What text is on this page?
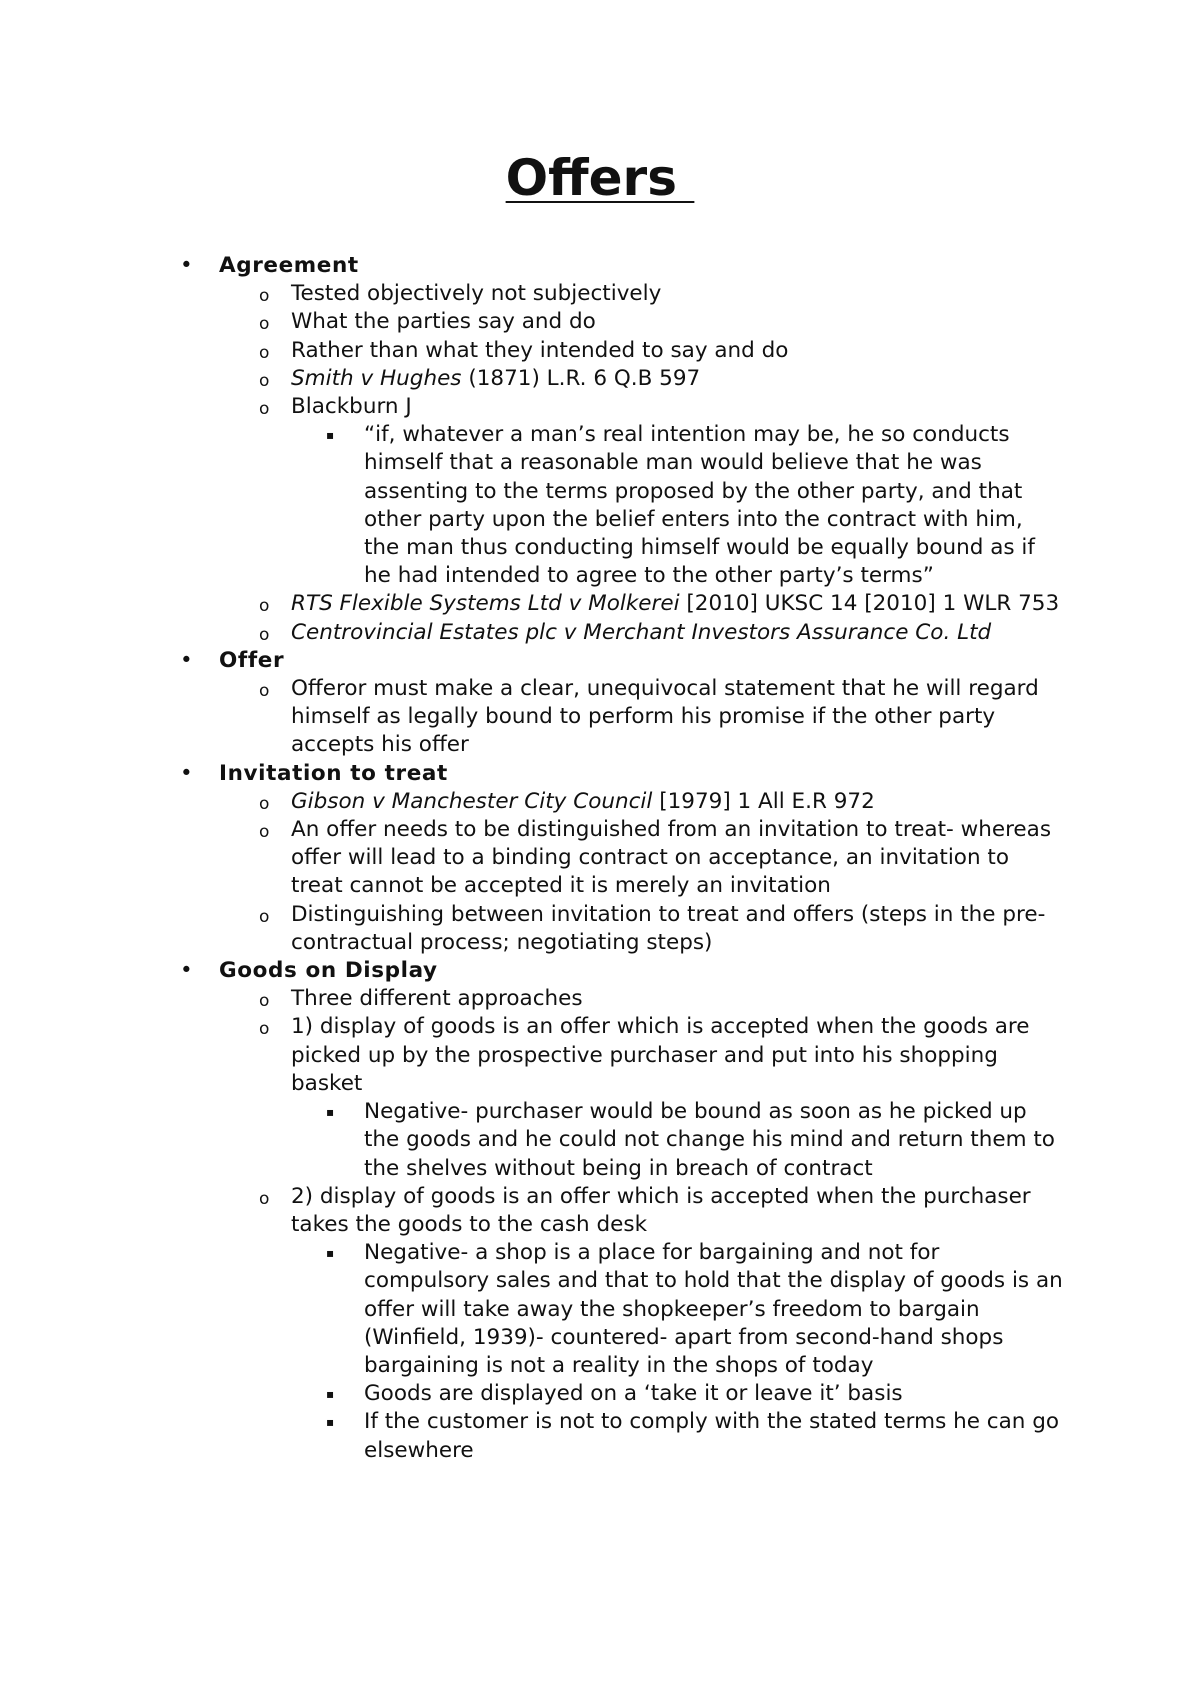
Offers
• Agreement
o Tested objectively not subjectively
o What the parties say and do
o Rather than what they intended to say and do
o Smith v Hughes (1871) L.R. 6 Q.B 597
o Blackburn J
▪ “if, whatever a man’s real intention may be, he so conducts himself that a reasonable man would believe that he was assenting to the terms proposed by the other party, and that other party upon the belief enters into the contract with him, the man thus conducting himself would be equally bound as if he had intended to agree to the other party’s terms”
o RTS Flexible Systems Ltd v Molkerei [2010] UKSC 14 [2010] 1 WLR 753
o Centrovincial Estates plc v Merchant Investors Assurance Co. Ltd
• Offer
o Offeror must make a clear, unequivocal statement that he will regard himself as legally bound to perform his promise if the other party accepts his offer
• Invitation to treat
o Gibson v Manchester City Council [1979] 1 All E.R 972
o An offer needs to be distinguished from an invitation to treat- whereas offer will lead to a binding contract on acceptance, an invitation to treat cannot be accepted it is merely an invitation
o Distinguishing between invitation to treat and offers (steps in the pre-contractual process; negotiating steps)
• Goods on Display
o Three different approaches
o 1) display of goods is an offer which is accepted when the goods are picked up by the prospective purchaser and put into his shopping basket
▪ Negative- purchaser would be bound as soon as he picked up the goods and he could not change his mind and return them to the shelves without being in breach of contract
o 2) display of goods is an offer which is accepted when the purchaser takes the goods to the cash desk
▪ Negative- a shop is a place for bargaining and not for compulsory sales and that to hold that the display of goods is an offer will take away the shopkeeper’s freedom to bargain (Winfield, 1939)- countered- apart from second-hand shops bargaining is not a reality in the shops of today
▪ Goods are displayed on a ‘take it or leave it’ basis
▪ If the customer is not to comply with the stated terms he can go elsewhere
